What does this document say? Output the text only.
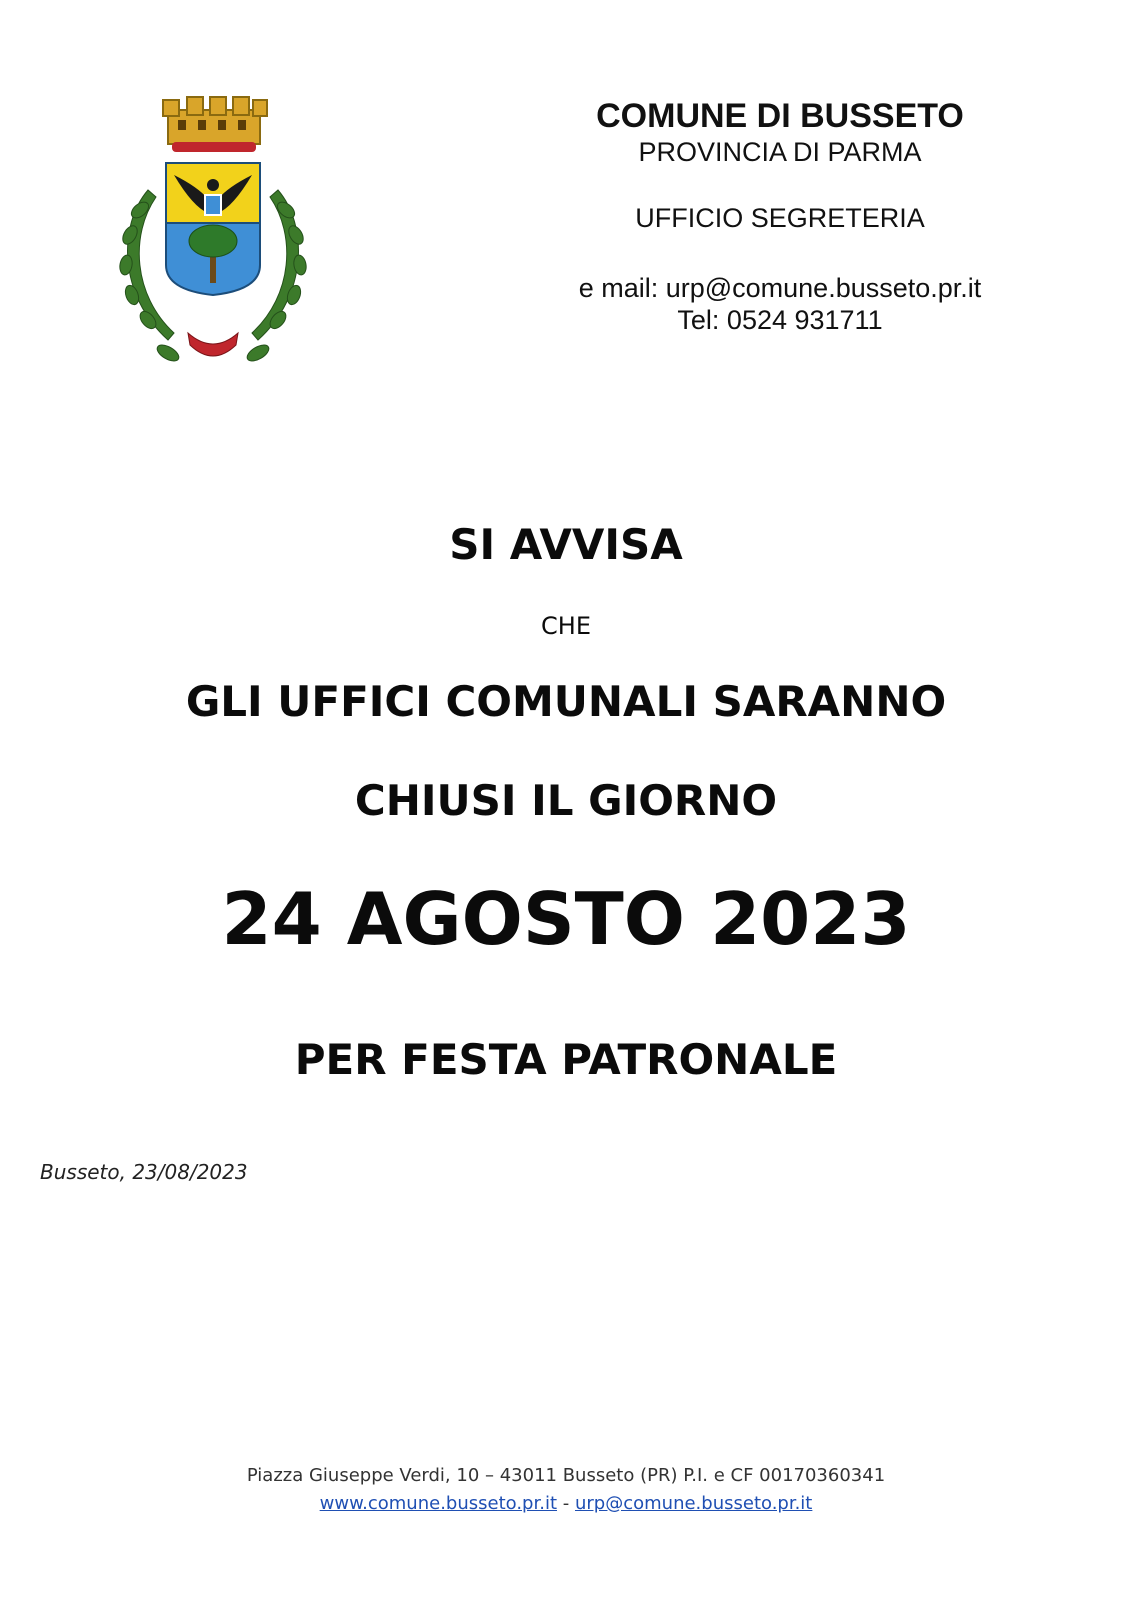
COMUNE DI BUSSETO
PROVINCIA DI PARMA
UFFICIO SEGRETERIA
e mail: urp@comune.busseto.pr.it
Tel: 0524 931711
SI AVVISA
CHE
GLI UFFICI COMUNALI SARANNO
CHIUSI IL GIORNO
24 AGOSTO 2023
PER FESTA PATRONALE
Busseto, 23/08/2023
Piazza Giuseppe Verdi, 10 – 43011 Busseto (PR) P.I. e CF 00170360341
www.comune.busseto.pr.it - urp@comune.busseto.pr.it
